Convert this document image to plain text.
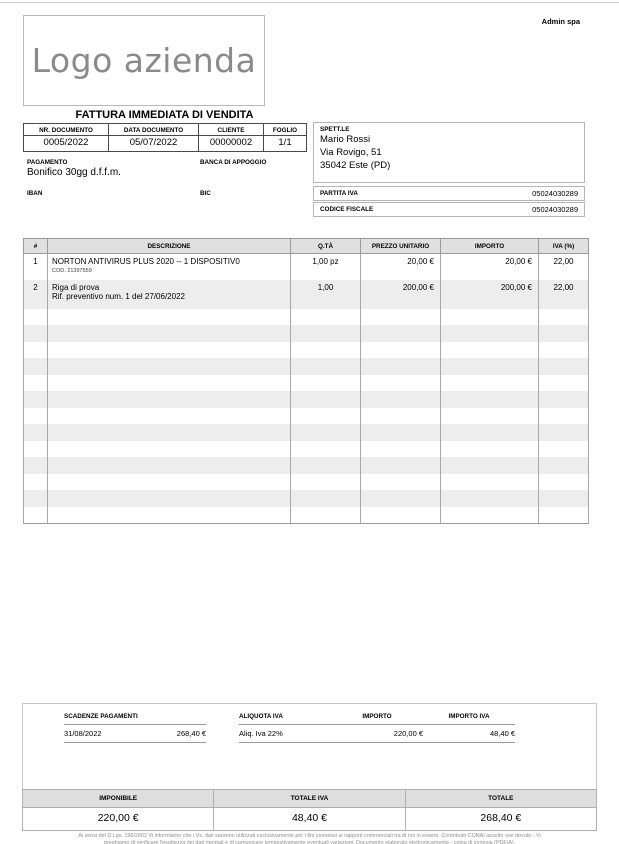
Admin spa
Logo azienda
FATTURA IMMEDIATA DI VENDITA
NR. DOCUMENTO	DATA DOCUMENTO	CLIENTE	FOGLIO
0005/2022	05/07/2022	00000002	1/1
PAGAMENTO
Bonifico 30gg d.f.f.m.
BANCA DI APPOGGIO
IBAN	BIC
SPETT.LE
Mario Rossi
Via Rovigo, 51
35042 Este (PD)
PARTITA IVA	05024030289
CODICE FISCALE	05024030289
#	DESCRIZIONE	Q.TÀ	PREZZO UNITARIO	IMPORTO	IVA (%)
1	NORTON ANTIVIRUS PLUS 2020 -- 1 DISPOSITIV0
COD. 21397559	1,00 pz	20,00 €	20,00 €	22,00
2	Riga di prova
Rif. preventivo num. 1 del 27/06/2022	1,00	200,00 €	200,00 €	22,00

SCADENZE PAGAMENTI
31/08/2022	268,40 €
ALIQUOTA IVA	IMPORTO	IMPORTO IVA
Aliq. Iva 22%	220,00 €	48,40 €
IMPONIBILE	TOTALE IVA	TOTALE
220,00 €	48,40 €	268,40 €
Ai sensi del D.Lgs. 196/2003 Vi informiamo che i Vs. dati saranno utilizzati esclusivamente per i fini connessi ai rapporti commerciali tra di noi in essere. Contributo CONAI assolto ove dovuto - Vi
preghiamo di verificare l'esattezza dei dati riportati e di comunicare tempestivamente eventuali variazioni. Documento elaborato elettronicamente - copia di cortesia (PDF/A).
